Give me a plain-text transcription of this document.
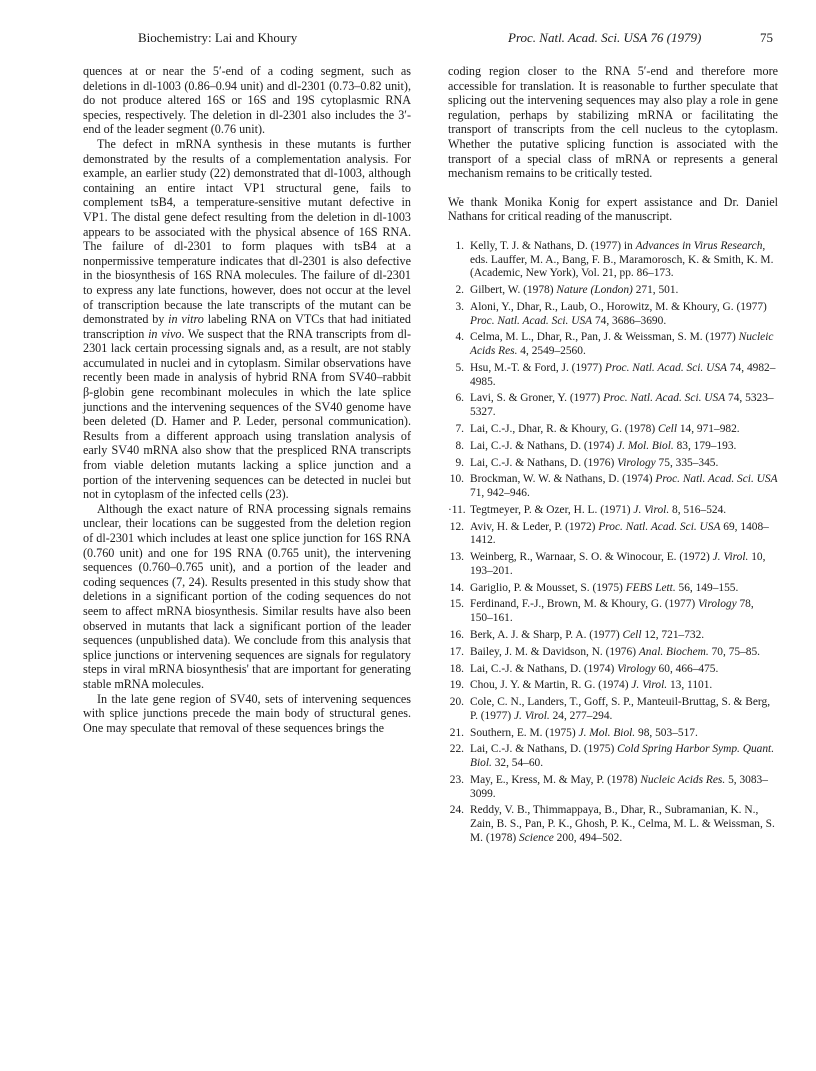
Biochemistry: Lai and Khoury	Proc. Natl. Acad. Sci. USA 76 (1979)	75

quences at or near the 5′-end of a coding segment, such as deletions in dl-1003 (0.86–0.94 unit) and dl-2301 (0.73–0.82 unit), do not produce altered 16S or 16S and 19S cytoplasmic RNA species, respectively. The deletion in dl-2301 also includes the 3′-end of the leader segment (0.76 unit).

The defect in mRNA synthesis in these mutants is further demonstrated by the results of a complementation analysis. For example, an earlier study (22) demonstrated that dl-1003, although containing an entire intact VP1 structural gene, fails to complement tsB4, a temperature-sensitive mutant defective in VP1. The distal gene defect resulting from the deletion in dl-1003 appears to be associated with the physical absence of 16S RNA. The failure of dl-2301 to form plaques with tsB4 at a nonpermissive temperature indicates that dl-2301 is also defective in the biosynthesis of 16S RNA molecules. The failure of dl-2301 to express any late functions, however, does not occur at the level of transcription because the late transcripts of the mutant can be demonstrated by in vitro labeling RNA on VTCs that had initiated transcription in vivo. We suspect that the RNA transcripts from dl-2301 lack certain processing signals and, as a result, are not stably accumulated in nuclei and in cytoplasm. Similar observations have recently been made in analysis of hybrid RNA from SV40–rabbit β-globin gene recombinant molecules in which the late splice junctions and the intervening sequences of the SV40 genome have been deleted (D. Hamer and P. Leder, personal communication). Results from a different approach using translation analysis of early SV40 mRNA also show that the prespliced RNA transcripts from viable deletion mutants lacking a splice junction and a portion of the intervening sequences can be detected in nuclei but not in cytoplasm of the infected cells (23).

Although the exact nature of RNA processing signals remains unclear, their locations can be suggested from the deletion region of dl-2301 which includes at least one splice junction for 16S RNA (0.760 unit) and one for 19S RNA (0.765 unit), the intervening sequences (0.760–0.765 unit), and a portion of the leader and coding sequences (7, 24). Results presented in this study show that deletions in a significant portion of the coding sequences do not seem to affect mRNA biosynthesis. Similar results have also been observed in mutants that lack a significant portion of the leader sequences (unpublished data). We conclude from this analysis that splice junctions or intervening sequences are signals for regulatory steps in viral mRNA biosynthesis' that are important for generating stable mRNA molecules.

In the late gene region of SV40, sets of intervening sequences with splice junctions precede the main body of structural genes. One may speculate that removal of these sequences brings the

coding region closer to the RNA 5′-end and therefore more accessible for translation. It is reasonable to further speculate that splicing out the intervening sequences may also play a role in gene regulation, perhaps by stabilizing mRNA or facilitating the transport of transcripts from the cell nucleus to the cytoplasm. Whether the putative splicing function is associated with the transport of a special class of mRNA or represents a general mechanism remains to be critically tested.

We thank Monika Konig for expert assistance and Dr. Daniel Nathans for critical reading of the manuscript.

1. Kelly, T. J. & Nathans, D. (1977) in Advances in Virus Research, eds. Lauffer, M. A., Bang, F. B., Maramorosch, K. & Smith, K. M. (Academic, New York), Vol. 21, pp. 86–173.
2. Gilbert, W. (1978) Nature (London) 271, 501.
3. Aloni, Y., Dhar, R., Laub, O., Horowitz, M. & Khoury, G. (1977) Proc. Natl. Acad. Sci. USA 74, 3686–3690.
4. Celma, M. L., Dhar, R., Pan, J. & Weissman, S. M. (1977) Nucleic Acids Res. 4, 2549–2560.
5. Hsu, M.-T. & Ford, J. (1977) Proc. Natl. Acad. Sci. USA 74, 4982–4985.
6. Lavi, S. & Groner, Y. (1977) Proc. Natl. Acad. Sci. USA 74, 5323–5327.
7. Lai, C.-J., Dhar, R. & Khoury, G. (1978) Cell 14, 971–982.
8. Lai, C.-J. & Nathans, D. (1974) J. Mol. Biol. 83, 179–193.
9. Lai, C.-J. & Nathans, D. (1976) Virology 75, 335–345.
10. Brockman, W. W. & Nathans, D. (1974) Proc. Natl. Acad. Sci. USA 71, 942–946.
·11. Tegtmeyer, P. & Ozer, H. L. (1971) J. Virol. 8, 516–524.
12. Aviv, H. & Leder, P. (1972) Proc. Natl. Acad. Sci. USA 69, 1408–1412.
13. Weinberg, R., Warnaar, S. O. & Winocour, E. (1972) J. Virol. 10, 193–201.
14. Gariglio, P. & Mousset, S. (1975) FEBS Lett. 56, 149–155.
15. Ferdinand, F.-J., Brown, M. & Khoury, G. (1977) Virology 78, 150–161.
16. Berk, A. J. & Sharp, P. A. (1977) Cell 12, 721–732.
17. Bailey, J. M. & Davidson, N. (1976) Anal. Biochem. 70, 75–85.
18. Lai, C.-J. & Nathans, D. (1974) Virology 60, 466–475.
19. Chou, J. Y. & Martin, R. G. (1974) J. Virol. 13, 1101.
20. Cole, C. N., Landers, T., Goff, S. P., Manteuil-Bruttag, S. & Berg, P. (1977) J. Virol. 24, 277–294.
21. Southern, E. M. (1975) J. Mol. Biol. 98, 503–517.
22. Lai, C.-J. & Nathans, D. (1975) Cold Spring Harbor Symp. Quant. Biol. 32, 54–60.
23. May, E., Kress, M. & May, P. (1978) Nucleic Acids Res. 5, 3083–3099.
24. Reddy, V. B., Thimmappaya, B., Dhar, R., Subramanian, K. N., Zain, B. S., Pan, P. K., Ghosh, P. K., Celma, M. L. & Weissman, S. M. (1978) Science 200, 494–502.
